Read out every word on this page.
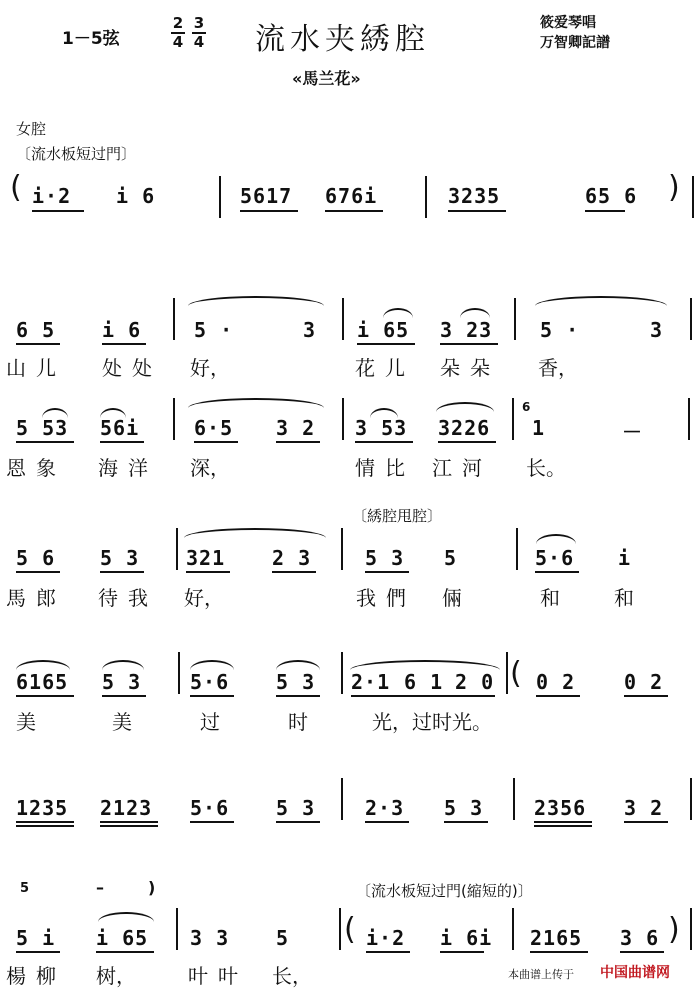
1－5弦	$\frac{2}{4} \frac{3}{4}$ 流水夹綉腔	筱爱琴唱
万智卿記譜
«馬兰花»
女腔
〔流水板短过門〕
( i·2 i 6	5617 676i	3235	65 6 )
6 5 i 6	5 ·	3 i 65 3 23 5 ·	3
山儿 处处 好，	花儿 朵朵 香，
5 53 56i	6·5 3 2 3 53 3226
6
1	－
恩象 海洋 深，	情比 江河 长。
〔綉腔甩腔〕
5 6 5 3 321 2 3	5 3 5	5·6 i
馬郎 待我 好，	我們 倆	和	和
6165 5 3 5·6 5 3 2·1 6 1 2 0 ( 0 2 0 2
美	美	过	时	光，过时光。
1235 2123 5·6 5 3 2·3 5 3	2356 3 2
5	–	)	〔流水板短过門(縮短的)〕
5 i i 65 3 3 5 ( i·2 i 6i 2165 3 6 )
楊柳 树，	叶叶 长，	本曲谱上传于 中国曲谱网
